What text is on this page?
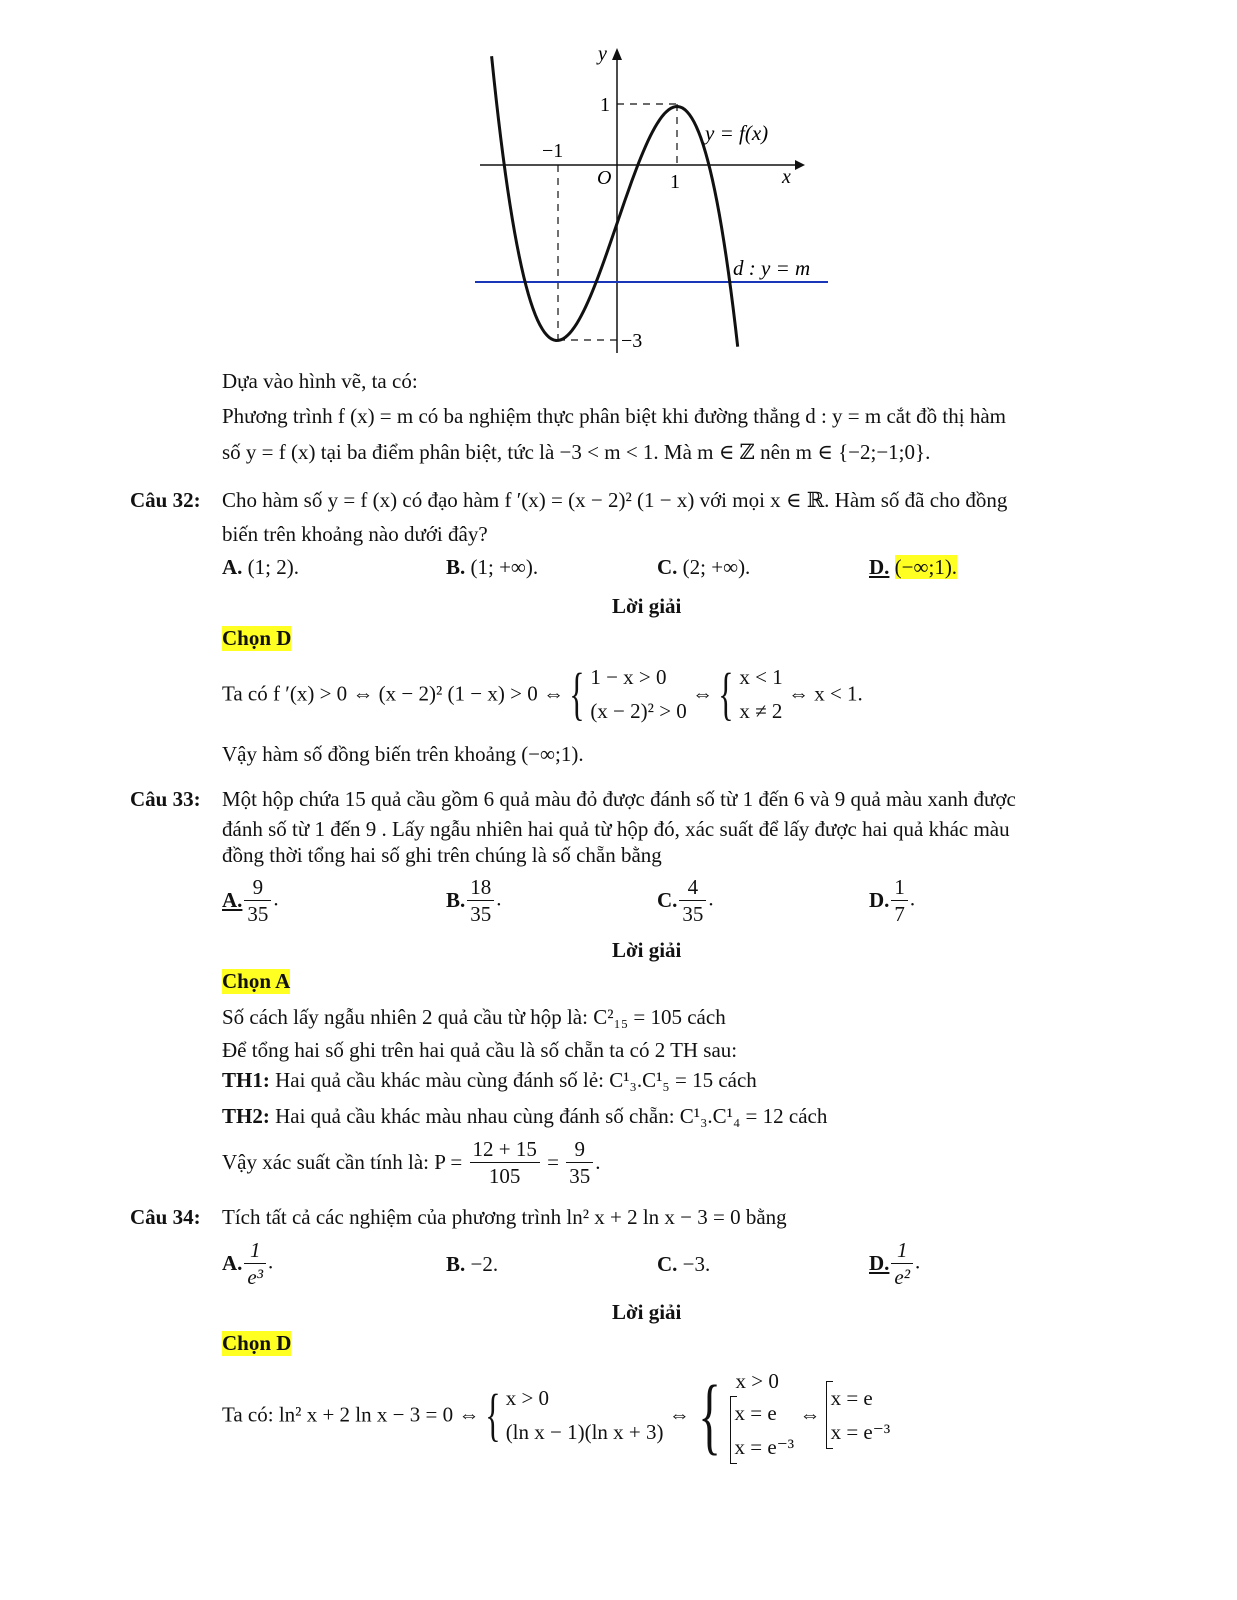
y
x
O
1
−1
1
−3
y = f(x)
d : y = m
Dựa vào hình vẽ, ta có:
Phương trình f (x) = m có ba nghiệm thực phân biệt khi đường thẳng d : y = m cắt đồ thị hàm
số y = f (x) tại ba điểm phân biệt, tức là −3 < m < 1. Mà m ∈ ℤ nên m ∈ {−2;−1;0}.
Câu 32: Cho hàm số y = f (x) có đạo hàm f ′(x) = (x − 2)² (1 − x) với mọi x ∈ ℝ. Hàm số đã cho đồng
biến trên khoảng nào dưới đây?
A. (1; 2).	B. (1; +∞).	C. (2; +∞).	D. (−∞;1).
Lời giải
Chọn D
Ta có f ′(x) > 0 ⇔ (x − 2)² (1 − x) > 0 ⇔ { 1 − x > 0
(x − 2)² > 0
⇔ { x < 1
x ≠ 2
⇔ x < 1.
Vậy hàm số đồng biến trên khoảng (−∞;1).
Câu 33: Một hộp chứa 15 quả cầu gồm 6 quả màu đỏ được đánh số từ 1 đến 6 và 9 quả màu xanh được
đánh số từ 1 đến 9 . Lấy ngẫu nhiên hai quả từ hộp đó, xác suất để lấy được hai quả khác màu
đồng thời tổng hai số ghi trên chúng là số chẵn bằng
A. $\frac{9}{35}$ .	B. $\frac{18}{35}$ .	C. $\frac{4}{35}$ .	D. $\frac{1}{7}$ .
Lời giải
Chọn A
Số cách lấy ngẫu nhiên 2 quả cầu từ hộp là: C²₁₅ = 105 cách
Để tổng hai số ghi trên hai quả cầu là số chẵn ta có 2 TH sau:
TH1: Hai quả cầu khác màu cùng đánh số lẻ: C¹₃.C¹₅ = 15 cách
TH2: Hai quả cầu khác màu nhau cùng đánh số chẵn: C¹₃.C¹₄ = 12 cách
Vậy xác suất cần tính là: $P = \frac{12 + 15}{105} = \frac{9}{35}$ .
Câu 34: Tích tất cả các nghiệm của phương trình ln² x + 2 ln x − 3 = 0 bằng
A. $\frac{1}{\text{e³}}$ .	B. −2.	C. −3.	D. $\frac{1}{\text{e²}}$ .
Lời giải
Chọn D
Ta có: ln² x + 2 ln x − 3 = 0 ⇔ { x > 0
(ln x − 1)(ln x + 3)
⇔ { x > 0
x = e
x = e⁻³
⇔
x = e
x = e⁻³
